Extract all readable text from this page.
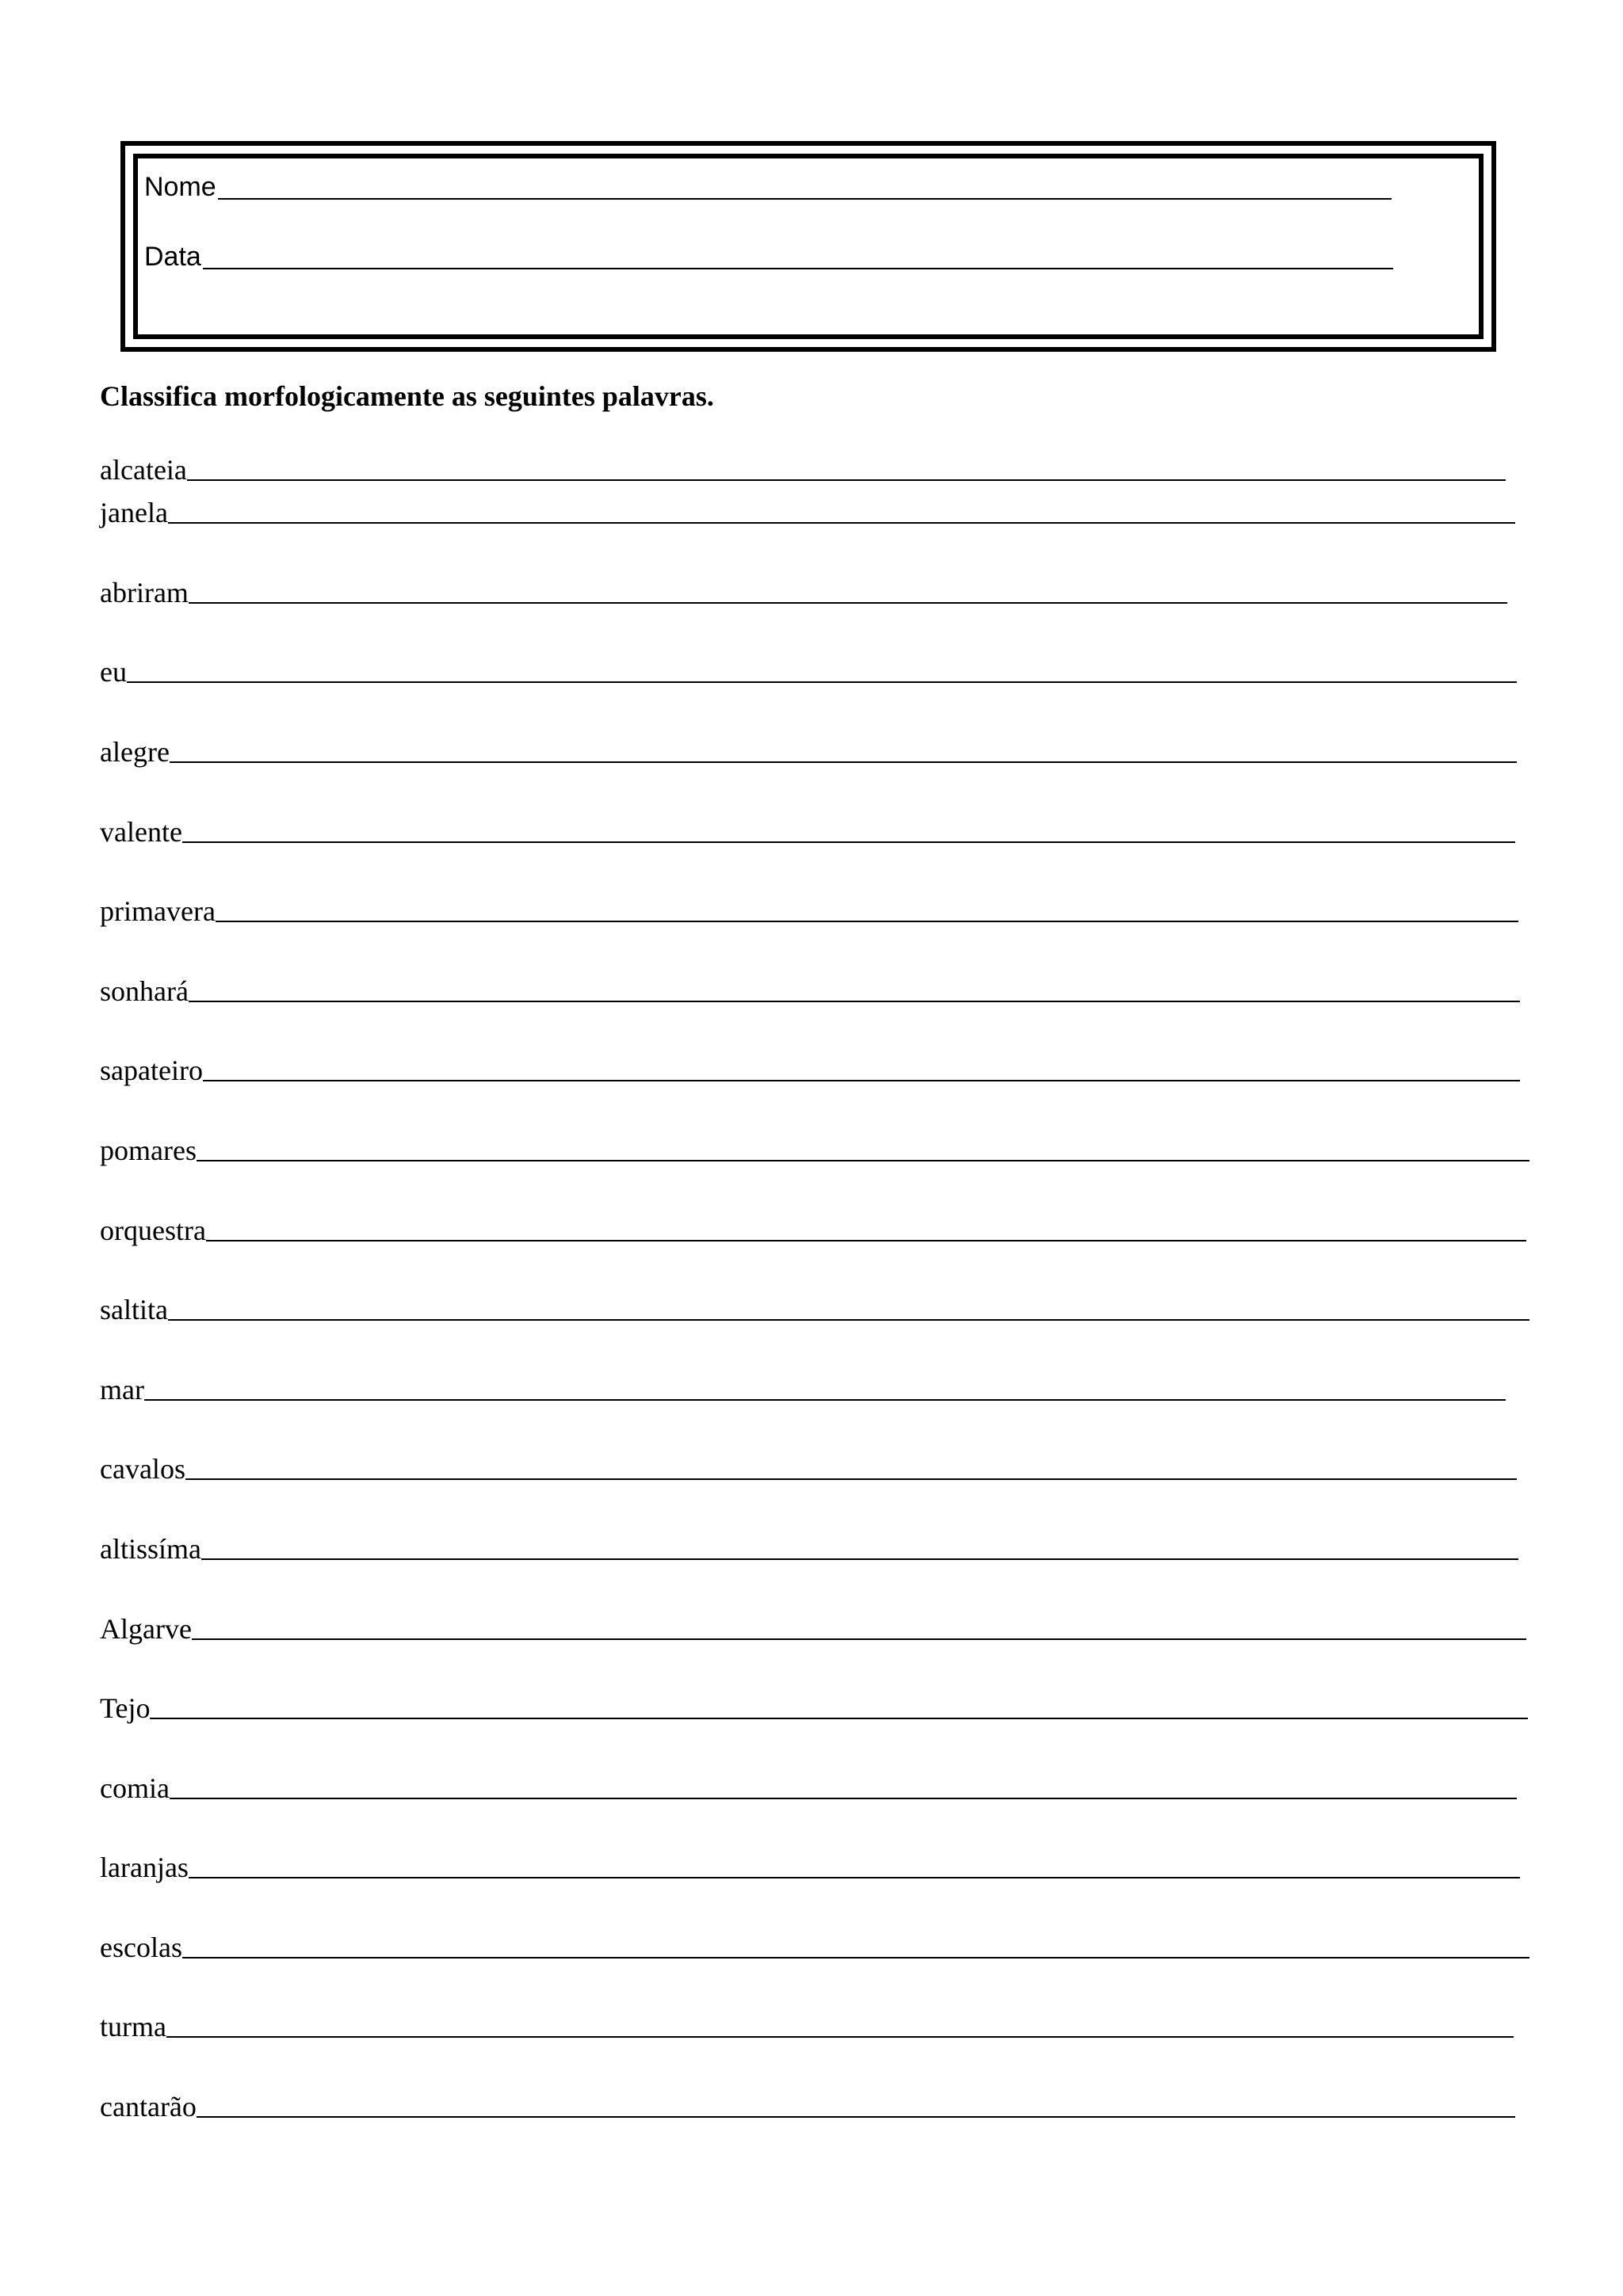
Nome
Data
Classifica morfologicamente as seguintes palavras.
alcateia
janela
abriram
eu
alegre
valente
primavera
sonhará
sapateiro
pomares
orquestra
saltita
mar
cavalos
altissíma
Algarve
Tejo
comia
laranjas
escolas
turma
cantarão
